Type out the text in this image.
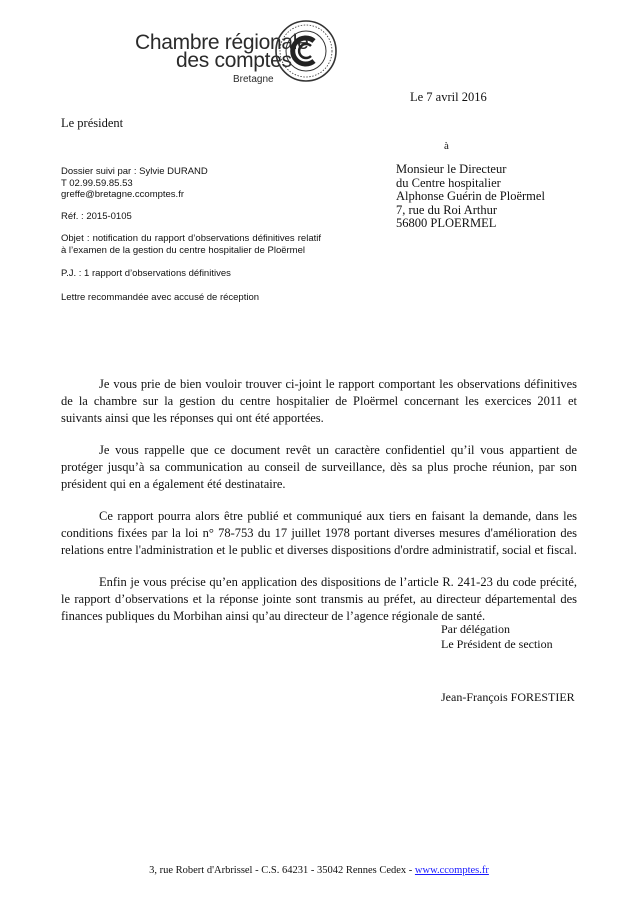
Chambre régionale
des comptes
Bretagne
Le 7 avril 2016
Le président
à
Dossier suivi par : Sylvie DURAND
T 02.99.59.85.53
greffe@bretagne.ccomptes.fr
Réf. : 2015-0105
Objet : notification du rapport d’observations définitives relatif à l’examen de la gestion du centre hospitalier de Ploërmel
P.J. : 1 rapport d’observations définitives
Lettre recommandée avec accusé de réception
Monsieur le Directeur
du Centre hospitalier
Alphonse Guérin de Ploërmel
7, rue du Roi Arthur
56800 PLOERMEL

Je vous prie de bien vouloir trouver ci-joint le rapport comportant les observations définitives de la chambre sur la gestion du centre hospitalier de Ploërmel concernant les exercices 2011 et suivants ainsi que les réponses qui ont été apportées.

Je vous rappelle que ce document revêt un caractère confidentiel qu’il vous appartient de protéger jusqu’à sa communication au conseil de surveillance, dès sa plus proche réunion, par son président qui en a également été destinataire.

Ce rapport pourra alors être publié et communiqué aux tiers en faisant la demande, dans les conditions fixées par la loi n° 78-753 du 17 juillet 1978 portant diverses mesures d'amélioration des relations entre l'administration et le public et diverses dispositions d'ordre administratif, social et fiscal.

Enfin je vous précise qu’en application des dispositions de l’article R. 241-23 du code précité, le rapport d’observations et la réponse jointe sont transmis au préfet, au directeur départemental des finances publiques du Morbihan ainsi qu’au directeur de l’agence régionale de santé.

Par délégation
Le Président de section
Jean-François FORESTIER
3, rue Robert d'Arbrissel - C.S. 64231 - 35042 Rennes Cedex - www.ccomptes.fr
